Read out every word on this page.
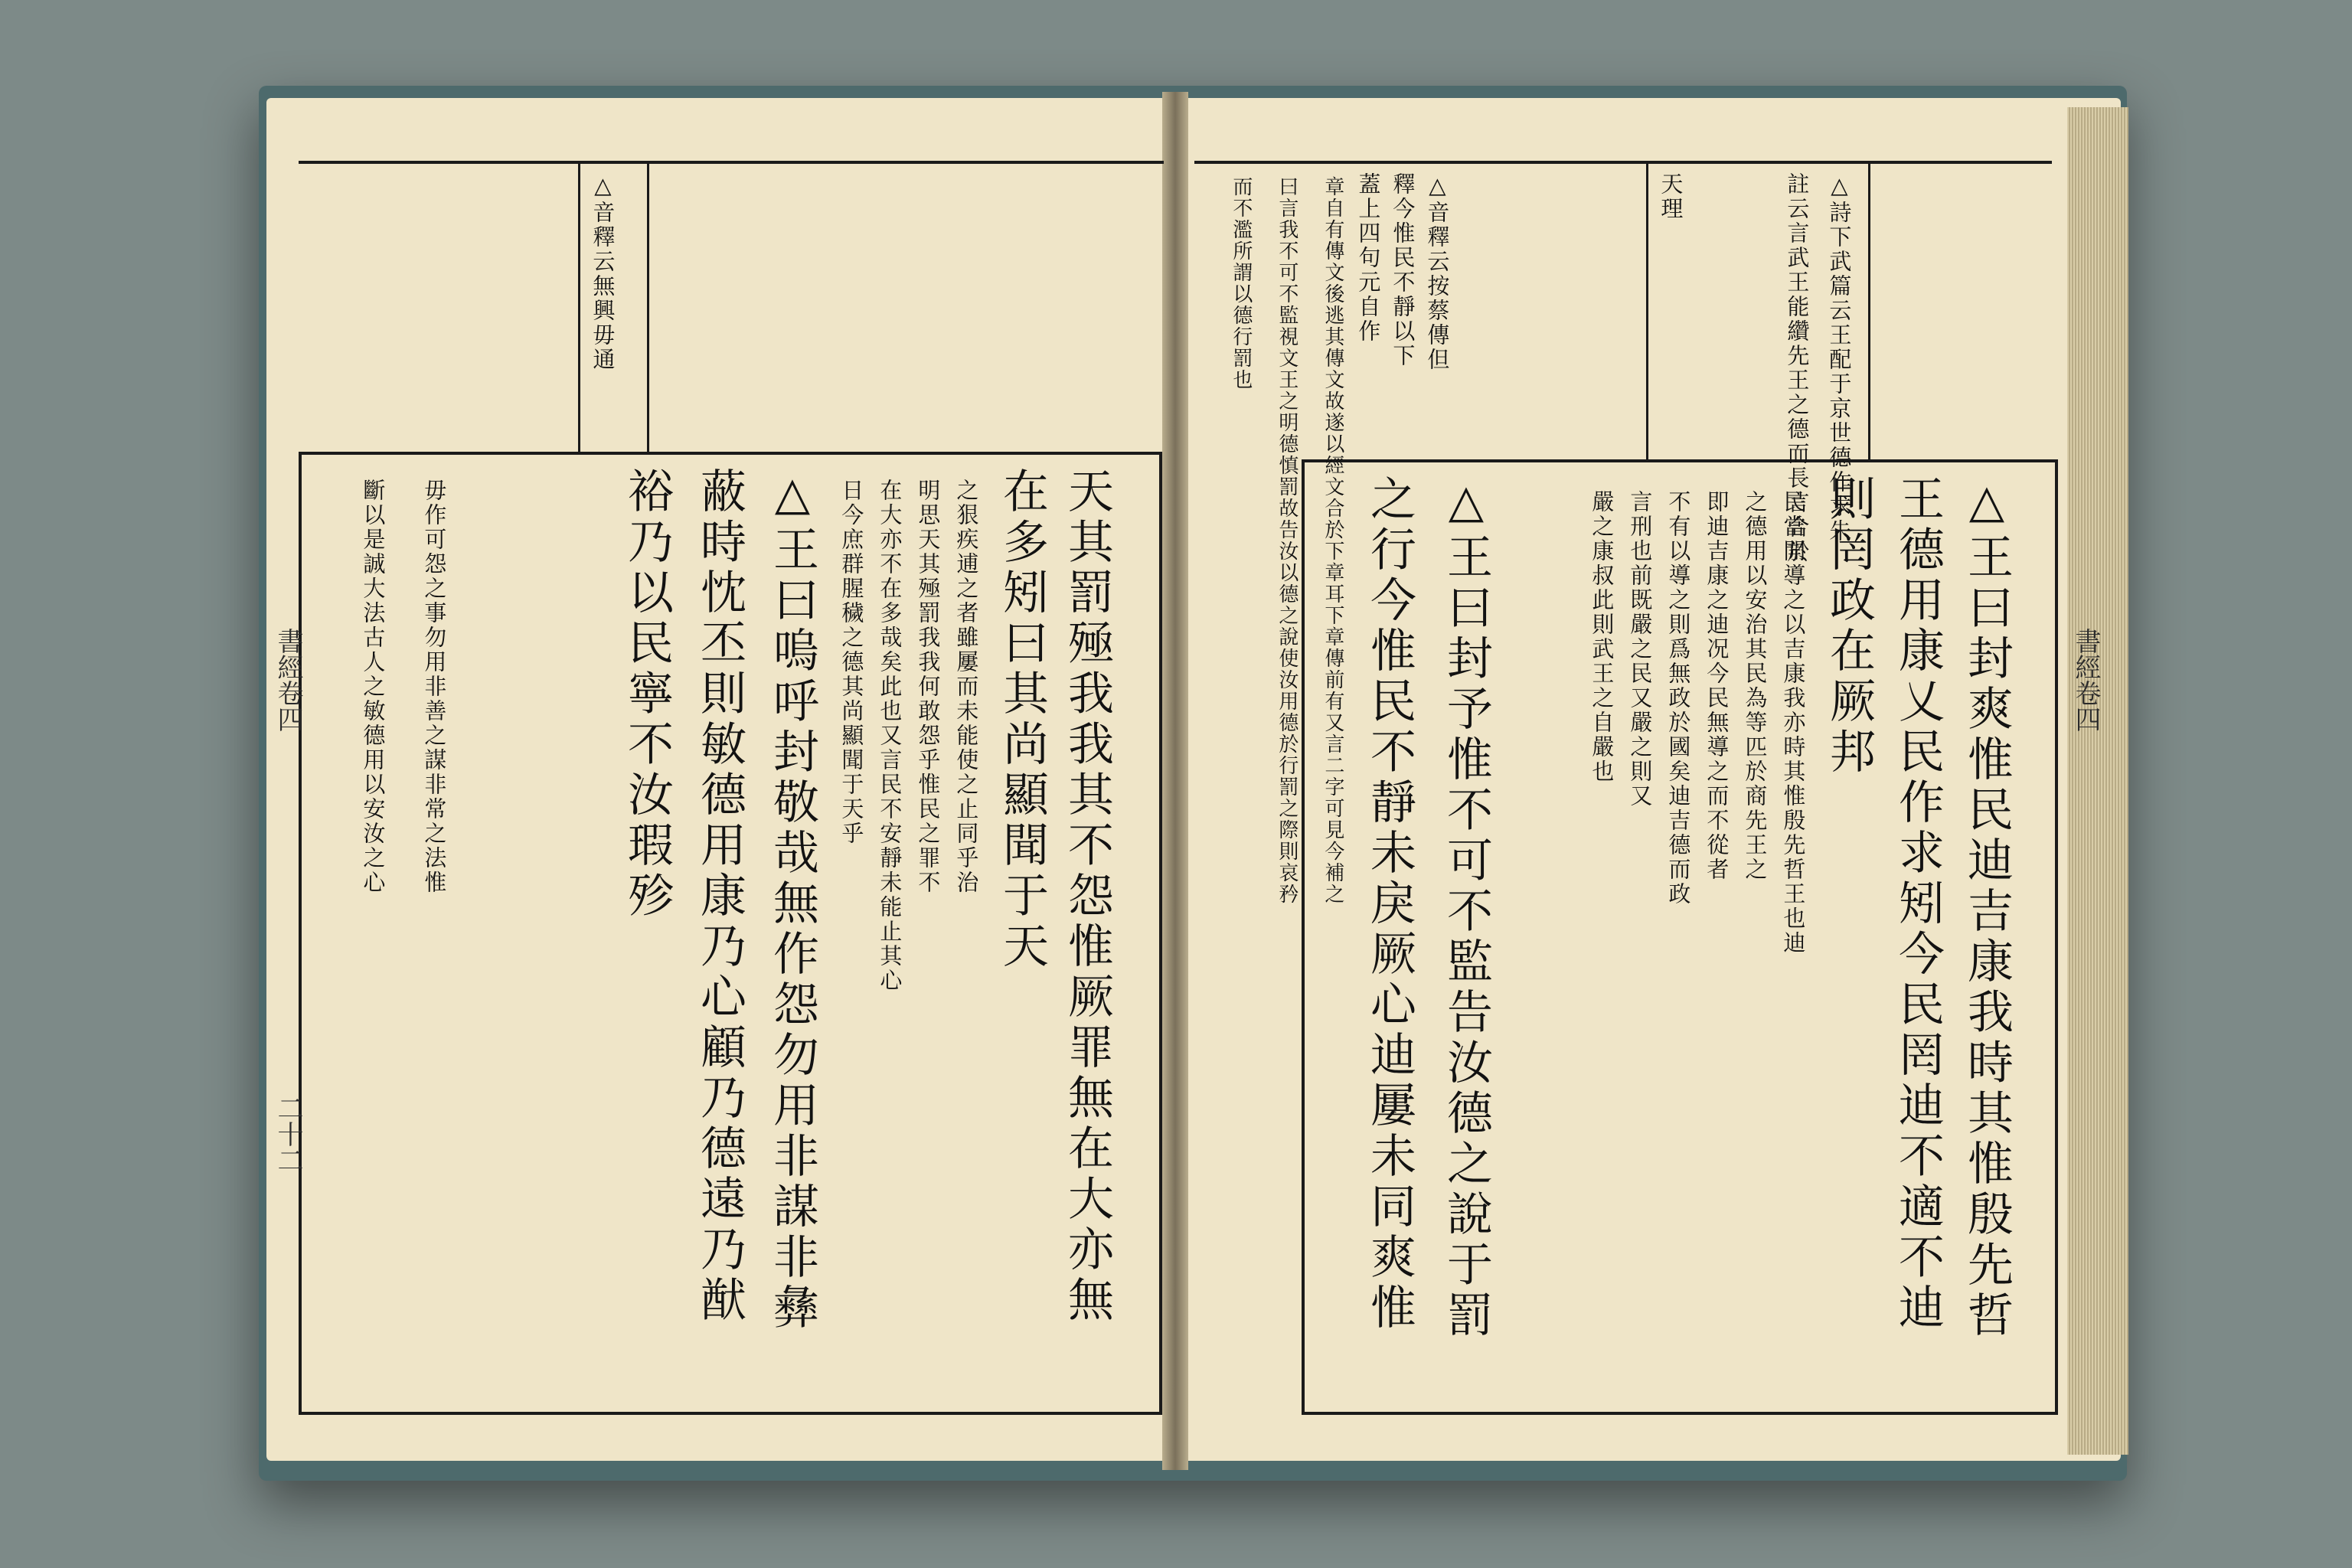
△音釋云無興毋通
天其罰殛我我其不怨惟厥罪無在大亦無
在多矧曰其尚顯聞于天
之狠疾逋之者雖屢而未能使之止同乎治
明思天其殛罰我我何敢怨乎惟民之罪不
在大亦不在多哉矣此也又言民不安靜未能止其心
日今庶群腥穢之德其尚顯聞于天乎
△王曰嗚呼封敬哉無作怨勿用非謀非彝
蔽時忱丕則敏德用康乃心顧乃德遠乃猷
裕乃以民寧不汝瑕殄
毋作可怨之事勿用非善之謀非常之法惟
斷以是誠大法古人之敏德用以安汝之心
書經卷四
二十二
△詩下武篇云王配于京世德作求朱
註云言武王能纘先王之德而長言合於
天理
△音釋云按蔡傳但
釋今惟民不靜以下
蓋上四句元自作
章自有傳文後逃其傳文故遂以經文合於下章耳下章傳前有又言二字可見今補之
曰言我不可不監視文王之明德慎罰故告汝以德之說使汝用德於行罰之際則哀矜
而不濫所謂以德行罰也
△王曰封爽惟民迪吉康我時其惟殷先哲
王德用康乂民作求矧今民罔迪不適不迪
則罔政在厥邦
民當開導之以吉康我亦時其惟殷先哲王也迪
之德用以安治其民為等匹於商先王之
即迪吉康之迪况今民無導之而不從者
不有以導之則爲無政於國矣迪吉德而政
言刑也前既嚴之民又嚴之則又
嚴之康叔此則武王之自嚴也
△王曰封予惟不可不監告汝德之說于罰
之行今惟民不靜未戾厥心迪屢未同爽惟	書經卷四
